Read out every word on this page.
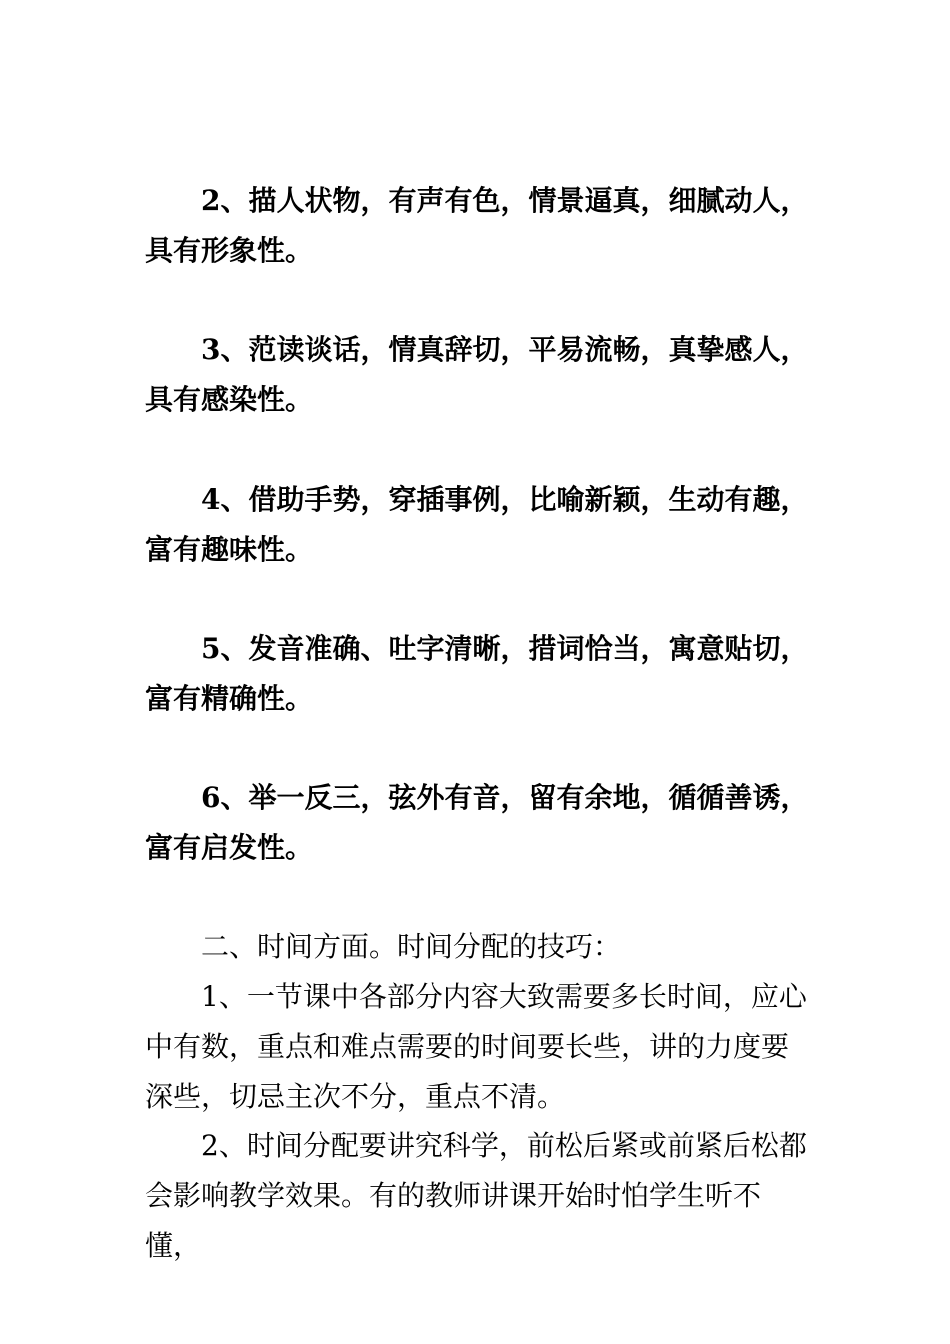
2、描人状物，有声有色，情景逼真，细腻动人，具有形象性。

3、范读谈话，情真辞切，平易流畅，真挚感人，具有感染性。

4、借助手势，穿插事例，比喻新颖，生动有趣，富有趣味性。

5、发音准确、吐字清晰，措词恰当，寓意贴切，富有精确性。

6、举一反三，弦外有音，留有余地，循循善诱，富有启发性。

二、时间方面。时间分配的技巧：

1、一节课中各部分内容大致需要多长时间，应心中有数，重点和难点需要的时间要长些，讲的力度要深些，切忌主次不分，重点不清。

2、时间分配要讲究科学，前松后紧或前紧后松都会影响教学效果。有的教师讲课开始时怕学生听不懂，
